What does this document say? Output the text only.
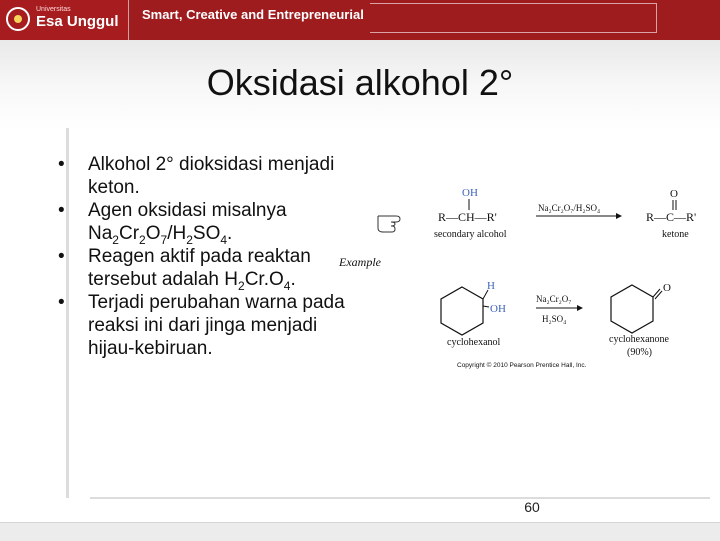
Universitas
Esa Unggul Smart, Creative and Entrepreneurial
Oksidasi alkohol 2°
• Alkohol 2° dioksidasi menjadi keton.
• Agen oksidasi misalnya $Na_2Cr_2O_7/H_2SO_4$.
• Reagen aktif pada reaktan tersebut adalah $H_2Cr.O_4$.
• Terjadi perubahan warna pada reaksi ini dari jinga menjadi hijau-kebiruan.
OH
R—CH—R'
secondary alcohol
Na₂Cr₂O₇/H₂SO₄
O
R—C—R'
ketone
Example
H
OH
cyclohexanol
Na₂Cr₂O₇
H₂SO₄
O
cyclohexanone
(90%)
Copyright © 2010 Pearson Prentice Hall, Inc.
60
